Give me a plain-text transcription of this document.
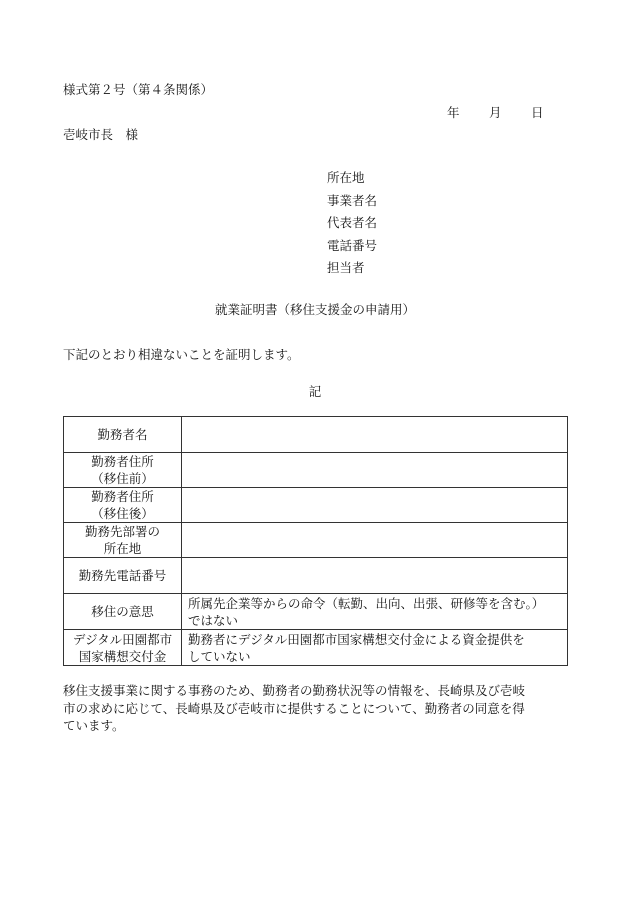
様式第２号（第４条関係）
年 月 日
壱岐市長　様
所在地
事業者名
代表者名
電話番号
担当者
就業証明書（移住支援金の申請用）
下記のとおり相違ないことを証明します。
記
勤務者名	

勤務者住所
（移住前）	

勤務者住所
（移住後）	

勤務先部署の
所在地	

勤務先電話番号	

移住の意思	所属先企業等からの命令（転勤、出向、出張、研修等を含む。）
ではない

デジタル田園都市
国家構想交付金	勤務者にデジタル田園都市国家構想交付金による資金提供を
していない
移住支援事業に関する事務のため、勤務者の勤務状況等の情報を、長崎県及び壱岐
市の求めに応じて、長崎県及び壱岐市に提供することについて、勤務者の同意を得
ています。
